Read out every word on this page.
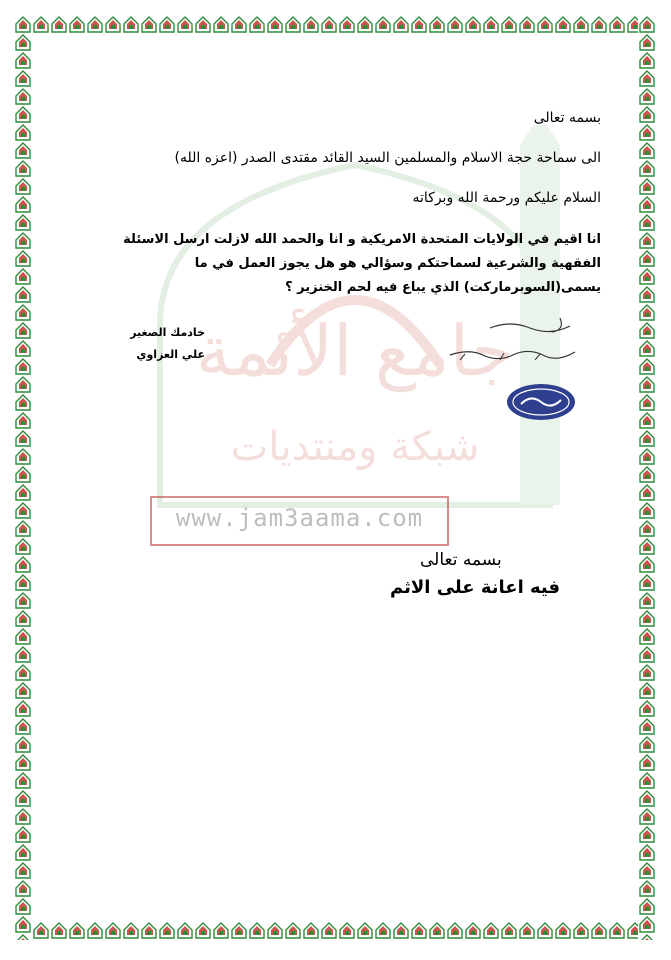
جامع الأئمة
شبكة ومنتديات
www.jam3aama.com
بسمه تعالى
الى سماحة حجة الاسلام والمسلمين السيد القائد مقتدى الصدر (اعزه الله)
السلام عليكم ورحمة الله وبركاته
انا اقيم في الولايات المتحدة الامريكية و انا والحمد الله لازلت ارسل الاسئلة الفقهية والشرعية لسماحتكم وسؤالي هو هل يجوز العمل في ما يسمى(السوبرماركت) الذي يباع فيه لحم الخنزير ؟
خادمك الصغير
علي العزاوي
بسمه تعالى
فيه اعانة على الاثم
